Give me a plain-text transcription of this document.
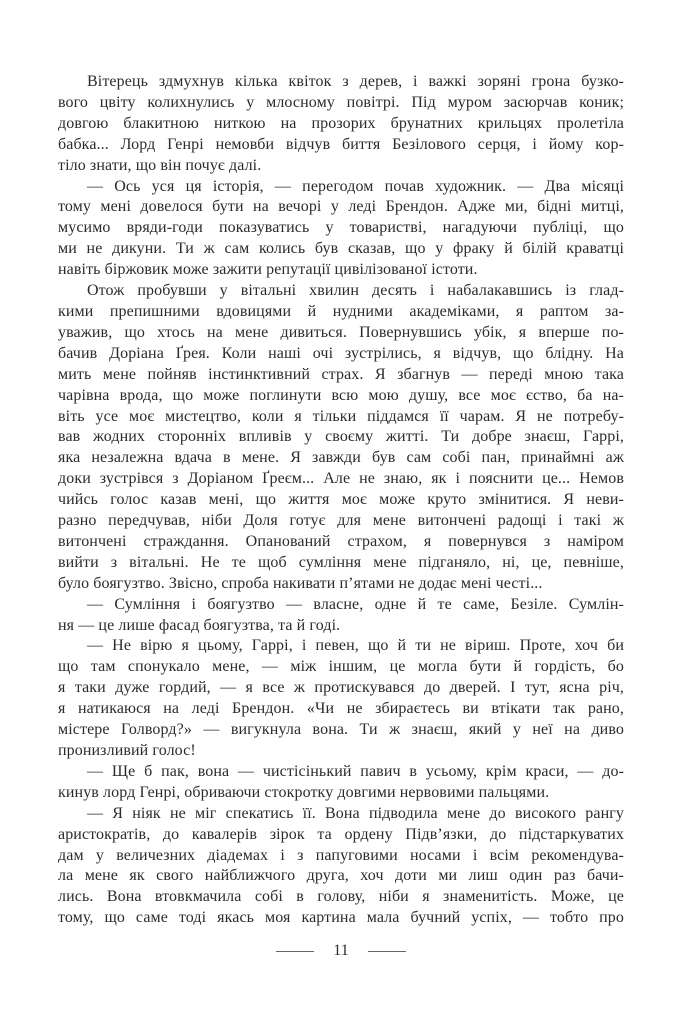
Вітерець здмухнув кілька квіток з дерев, і важкі зоряні грона бузко-
вого цвіту колихнулись у млосному повітрі. Під муром засюрчав коник;
довгою блакитною ниткою на прозорих брунатних крильцях пролетіла
бабка... Лорд Генрі немовби відчув биття Безілового серця, і йому кор-
тіло знати, що він почує далі.
— Ось уся ця історія, — перегодом почав художник. — Два місяці
тому мені довелося бути на вечорі у леді Брендон. Адже ми, бідні митці,
мусимо вряди-годи показуватись у товаристві, нагадуючи публіці, що
ми не дикуни. Ти ж сам колись був сказав, що у фраку й білій краватці
навіть біржовик може зажити репутації цивілізованої істоти.
Отож пробувши у вітальні хвилин десять і набалакавшись із глад-
кими препишними вдовицями й нудними академіками, я раптом за-
уважив, що хтось на мене дивиться. Повернувшись убік, я вперше по-
бачив Доріана Ґрея. Коли наші очі зустрілись, я відчув, що блідну. На
мить мене пойняв інстинктивний страх. Я збагнув — переді мною така
чарівна врода, що може поглинути всю мою душу, все моє єство, ба на-
віть усе моє мистецтво, коли я тільки піддамся її чарам. Я не потребу-
вав жодних сторонніх впливів у своєму житті. Ти добре знаєш, Гаррі,
яка незалежна вдача в мене. Я завжди був сам собі пан, принаймні аж
доки зустрівся з Доріаном Ґреєм... Але не знаю, як і пояснити це... Немов
чийсь голос казав мені, що життя моє може круто змінитися. Я неви-
разно передчував, ніби Доля готує для мене витончені радощі і такі ж
витончені страждання. Опанований страхом, я повернувся з наміром
вийти з вітальні. Не те щоб сумління мене підганяло, ні, це, певніше,
було боягузтво. Звісно, спроба накивати п’ятами не додає мені честі...
— Сумління і боягузтво — власне, одне й те саме, Безіле. Сумлін-
ня — це лише фасад боягузтва, та й годі.
— Не вірю я цьому, Гаррі, і певен, що й ти не віриш. Проте, хоч би
що там спонукало мене, — між іншим, це могла бути й гордість, бо
я таки дуже гордий, — я все ж протискувався до дверей. І тут, ясна річ,
я натикаюся на леді Брендон. «Чи не збираєтесь ви втікати так рано,
містере Голворд?» — вигукнула вона. Ти ж знаєш, який у неї на диво
пронизливий голос!
— Ще б пак, вона — чистісінький павич в усьому, крім краси, — до-
кинув лорд Генрі, обриваючи стокротку довгими нервовими пальцями.
— Я ніяк не міг спекатись її. Вона підводила мене до високого рангу
аристократів, до кавалерів зірок та ордену Підв’язки, до підстаркуватих
дам у величезних діадемах і з папуговими носами і всім рекомендува-
ла мене як свого найближчого друга, хоч доти ми лиш один раз бачи-
лись. Вона втовкмачила собі в голову, ніби я знаменитість. Може, це
тому, що саме тоді якась моя картина мала бучний успіх, — тобто про
11
